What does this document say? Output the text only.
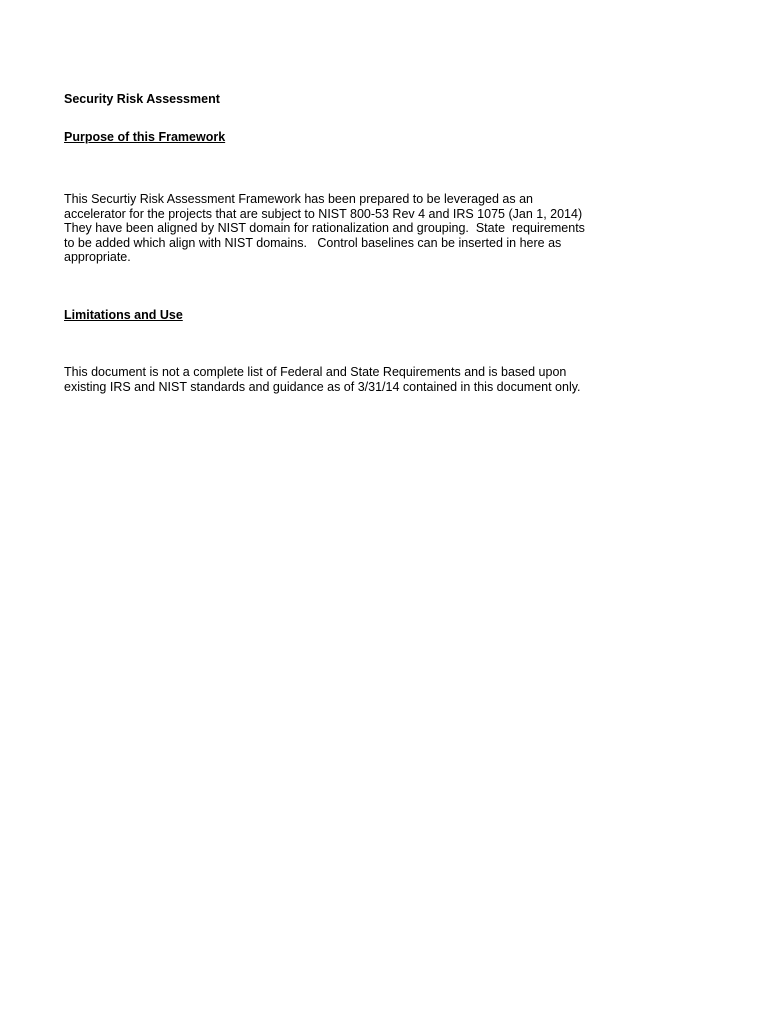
Security Risk Assessment
Purpose of this Framework
This Securtiy Risk Assessment Framework has been prepared to be leveraged as an
accelerator for the projects that are subject to NIST 800-53 Rev 4 and IRS 1075 (Jan 1, 2014)
They have been aligned by NIST domain for rationalization and grouping.  State  requirements
to be added which align with NIST domains.   Control baselines can be inserted in here as
appropriate.
Limitations and Use
This document is not a complete list of Federal and State Requirements and is based upon
existing IRS and NIST standards and guidance as of 3/31/14 contained in this document only.
